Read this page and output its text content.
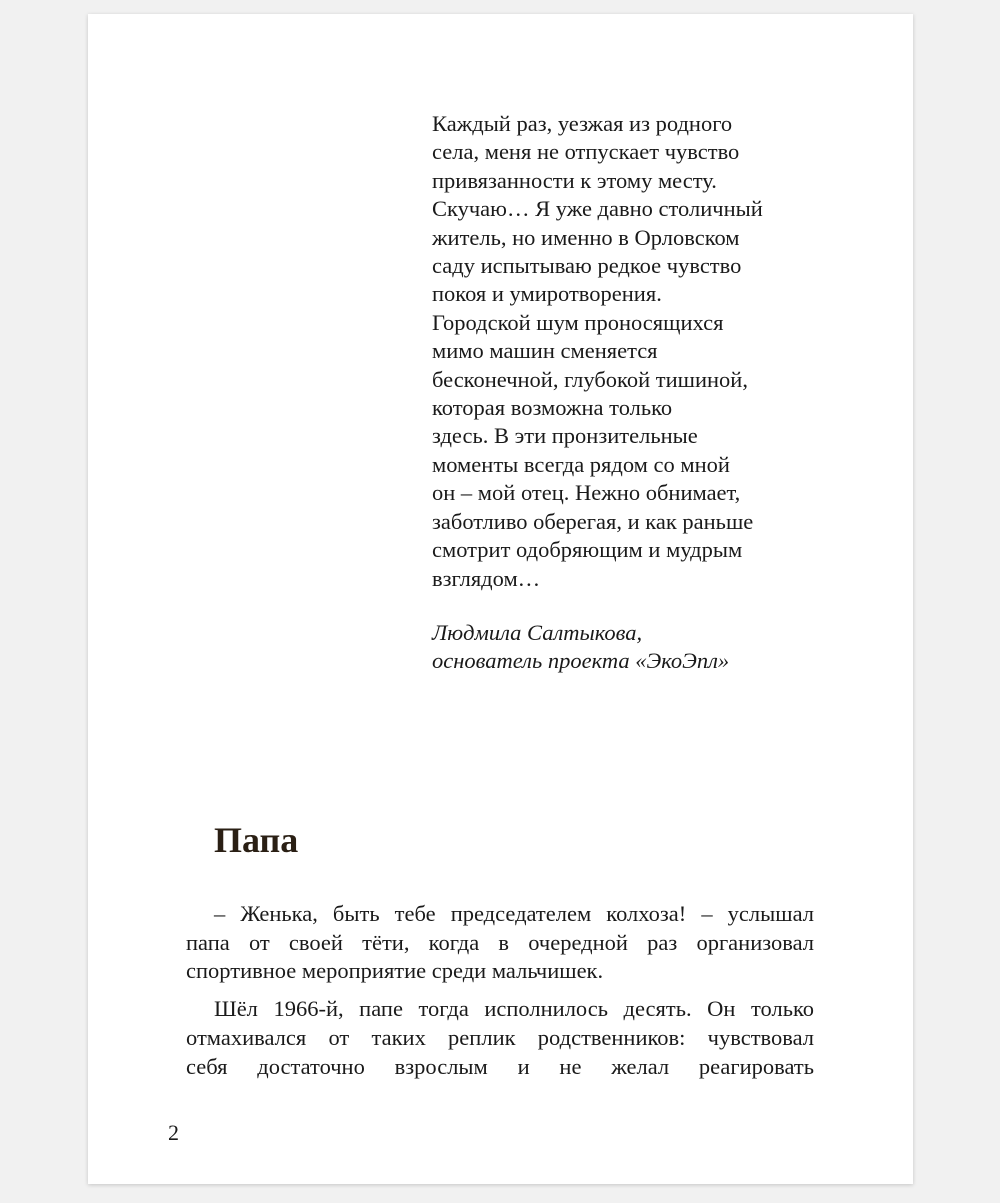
Каждый раз, уезжая из родного
села, меня не отпускает чувство
привязанности к этому месту.
Скучаю… Я уже давно столичный
житель, но именно в Орловском
саду испытываю редкое чувство
покоя и умиротворения.
Городской шум проносящихся
мимо машин сменяется
бесконечной, глубокой тишиной,
которая возможна только
здесь. В эти пронзительные
моменты всегда рядом со мной
он – мой отец. Нежно обнимает,
заботливо оберегая, и как раньше
смотрит одобряющим и мудрым
взглядом…
Людмила Салтыкова,
основатель проекта «ЭкоЭпл»
Папа
– Женька, быть тебе председателем колхоза! – услышал
папа от своей тёти, когда в очередной раз организовал
спортивное мероприятие среди мальчишек.
Шёл 1966-й, папе тогда исполнилось десять. Он только
отмахивался от таких реплик родственников: чувствовал
себя достаточно взрослым и не желал реагировать
2
